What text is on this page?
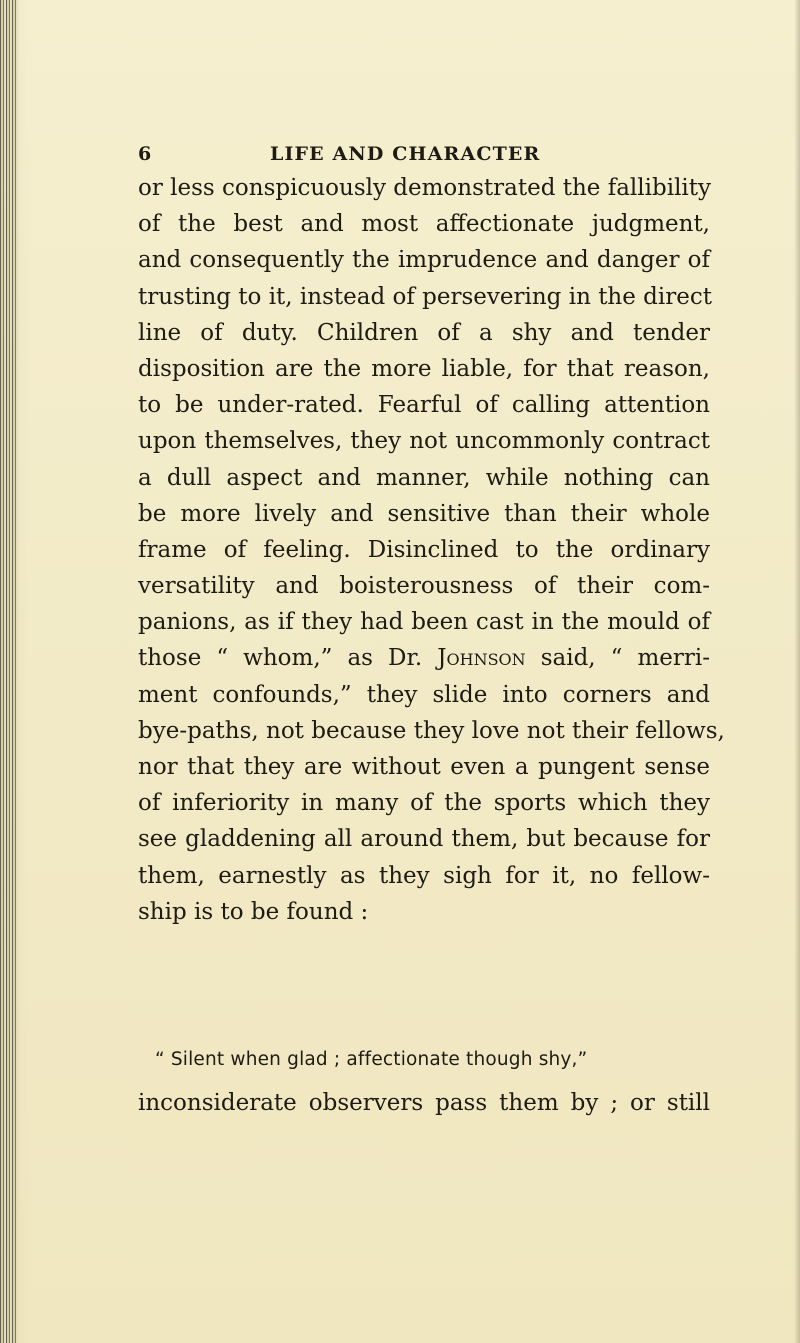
6	LIFE AND CHARACTER
or less conspicuously demonstrated the fallibility
of the best and most affectionate judgment,
and consequently the imprudence and danger of
trusting to it, instead of persevering in the direct
line of duty. Children of a shy and tender
disposition are the more liable, for that reason,
to be under-rated. Fearful of calling attention
upon themselves, they not uncommonly contract
a dull aspect and manner, while nothing can
be more lively and sensitive than their whole
frame of feeling. Disinclined to the ordinary
versatility and boisterousness of their com-
panions, as if they had been cast in the mould of
those “ whom,” as Dr. Johnson said, “ merri-
ment confounds,” they slide into corners and
bye-paths, not because they love not their fellows,
nor that they are without even a pungent sense
of inferiority in many of the sports which they
see gladdening all around them, but because for
them, earnestly as they sigh for it, no fellow-
ship is to be found :
“ Silent when glad ; affectionate though shy,”
inconsiderate observers pass them by ; or still
